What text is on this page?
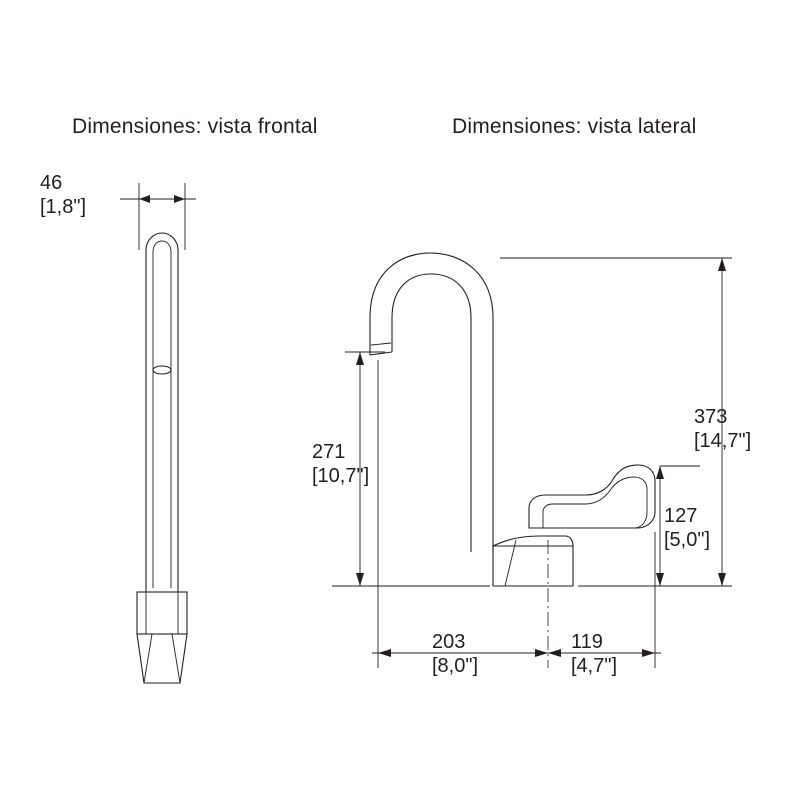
Dimensiones: vista frontal	Dimensiones: vista lateral
46
[1,8"]
271
[10,7"]
373
[14,7"]
127
[5,0"]
203
[8,0"]
119
[4,7"]
